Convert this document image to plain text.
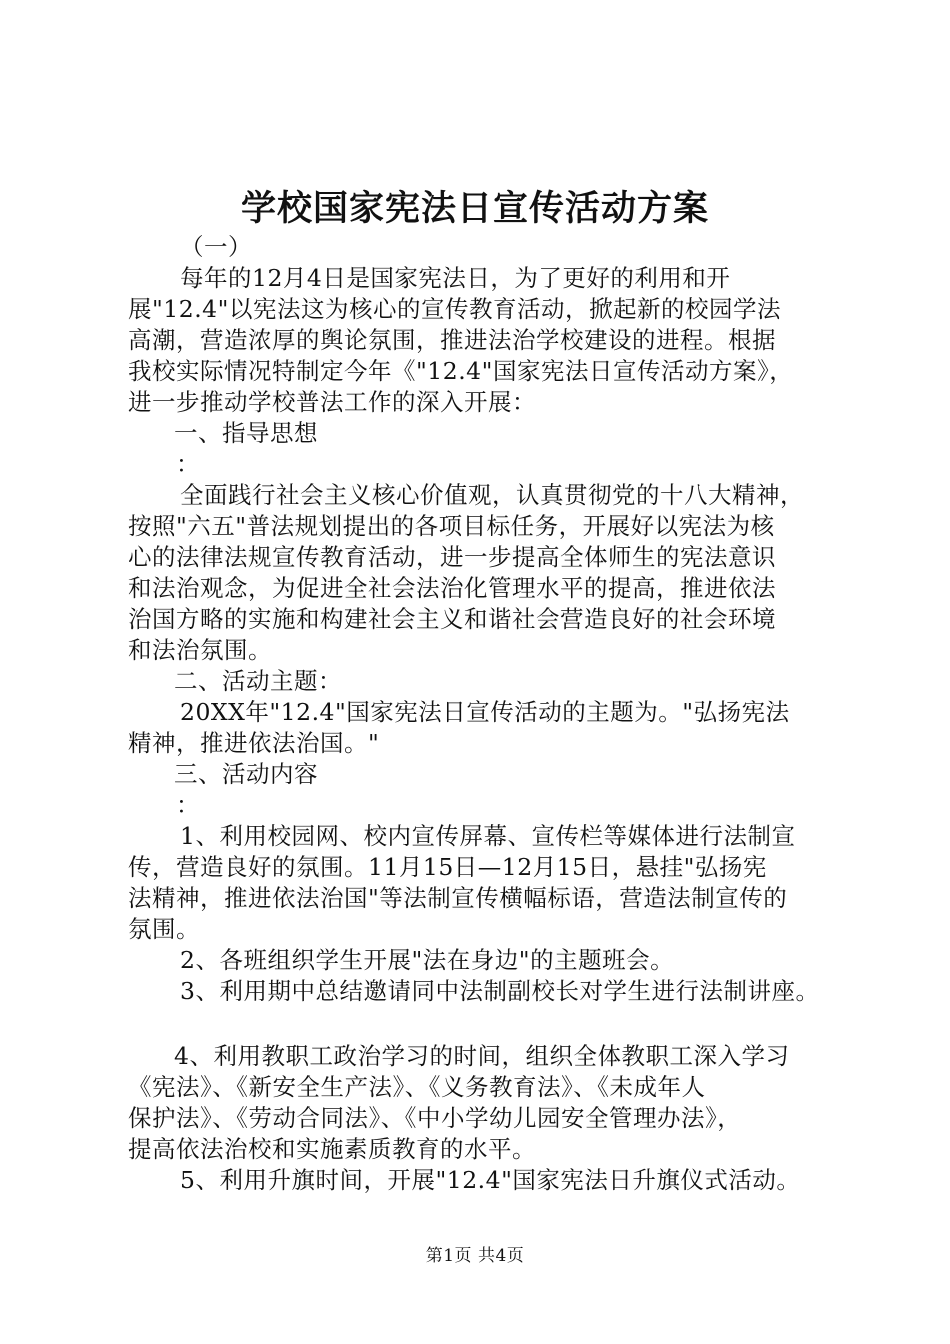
学校国家宪法日宣传活动方案
（一）
每年的12月4日是国家宪法日，为了更好的利用和开
展"12.4"以宪法这为核心的宣传教育活动，掀起新的校园学法
高潮，营造浓厚的舆论氛围，推进法治学校建设的进程。根据
我校实际情况特制定今年《"12.4"国家宪法日宣传活动方案》，
进一步推动学校普法工作的深入开展：
一、指导思想
：
全面践行社会主义核心价值观，认真贯彻党的十八大精神，
按照"六五"普法规划提出的各项目标任务，开展好以宪法为核
心的法律法规宣传教育活动，进一步提高全体师生的宪法意识
和法治观念，为促进全社会法治化管理水平的提高，推进依法
治国方略的实施和构建社会主义和谐社会营造良好的社会环境
和法治氛围。
二、活动主题：
20XX年"12.4"国家宪法日宣传活动的主题为。"弘扬宪法
精神，推进依法治国。"
三、活动内容
：
1、利用校园网、校内宣传屏幕、宣传栏等媒体进行法制宣
传，营造良好的氛围。11月15日—12月15日，悬挂"弘扬宪
法精神，推进依法治国"等法制宣传横幅标语，营造法制宣传的
氛围。
2、各班组织学生开展"法在身边"的主题班会。
3、利用期中总结邀请同中法制副校长对学生进行法制讲座。
4、利用教职工政治学习的时间，组织全体教职工深入学习
《宪法》、《新安全生产法》、《义务教育法》、《未成年人
保护法》、《劳动合同法》、《中小学幼儿园安全管理办法》，
提高依法治校和实施素质教育的水平。
5、利用升旗时间，开展"12.4"国家宪法日升旗仪式活动。
第1页 共4页
